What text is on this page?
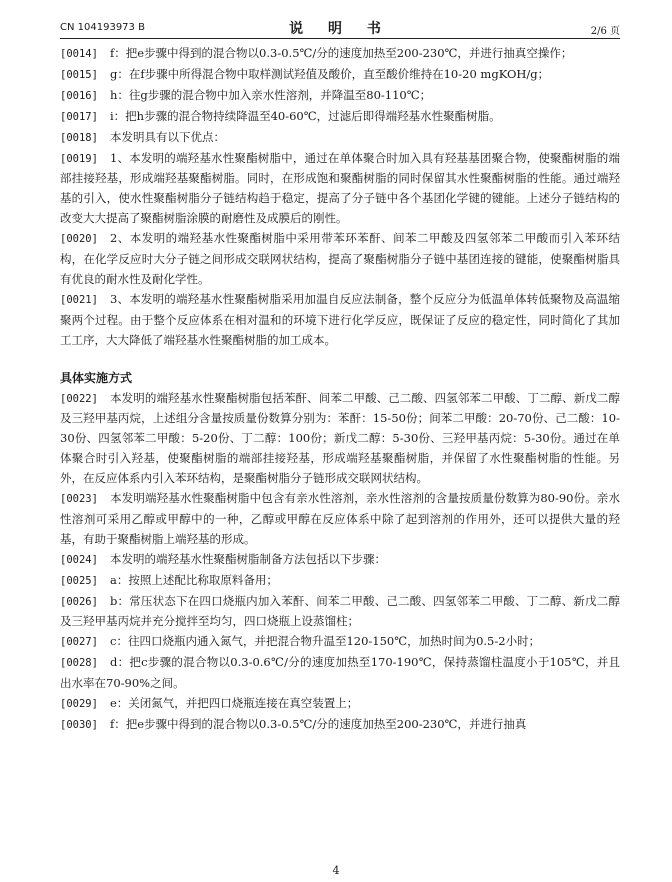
CN 104193973 B	说 明 书	2/6 页
[0014] f：把e步骤中得到的混合物以0.3-0.5℃/分的速度加热至200-230℃，并进行抽真空操作；
[0015] g：在f步骤中所得混合物中取样测试羟值及酸价，直至酸价维持在10-20 mgKOH/g；
[0016] h：往g步骤的混合物中加入亲水性溶剂，并降温至80-110℃；
[0017] i：把h步骤的混合物持续降温至40-60℃，过滤后即得端羟基水性聚酯树脂。
[0018] 本发明具有以下优点：
[0019] 1、本发明的端羟基水性聚酯树脂中，通过在单体聚合时加入具有羟基基团聚合物，使聚酯树脂的端部挂接羟基，形成端羟基聚酯树脂。同时，在形成饱和聚酯树脂的同时保留其水性聚酯树脂的性能。通过端羟基的引入，使水性聚酯树脂分子链结构趋于稳定，提高了分子链中各个基团化学键的键能。上述分子链结构的改变大大提高了聚酯树脂涂膜的耐磨性及成膜后的刚性。
[0020] 2、本发明的端羟基水性聚酯树脂中采用带苯环苯酐、间苯二甲酸及四氢邻苯二甲酸而引入苯环结构，在化学反应时大分子链之间形成交联网状结构，提高了聚酯树脂分子链中基团连接的键能，使聚酯树脂具有优良的耐水性及耐化学性。
[0021] 3、本发明的端羟基水性聚酯树脂采用加温自反应法制备，整个反应分为低温单体转低聚物及高温缩聚两个过程。由于整个反应体系在相对温和的环境下进行化学反应，既保证了反应的稳定性，同时简化了其加工工序，大大降低了端羟基水性聚酯树脂的加工成本。
具体实施方式
[0022] 本发明的端羟基水性聚酯树脂包括苯酐、间苯二甲酸、己二酸、四氢邻苯二甲酸、丁二醇、新戊二醇及三羟甲基丙烷，上述组分含量按质量份数算分别为：苯酐：15-50份；间苯二甲酸：20-70份、己二酸：10-30份、四氢邻苯二甲酸：5-20份、丁二醇：100份；新戊二醇：5-30份、三羟甲基丙烷：5-30份。通过在单体聚合时引入羟基，使聚酯树脂的端部挂接羟基，形成端羟基聚酯树脂，并保留了水性聚酯树脂的性能。另外，在反应体系内引入苯环结构，是聚酯树脂分子链形成交联网状结构。
[0023] 本发明端羟基水性聚酯树脂中包含有亲水性溶剂，亲水性溶剂的含量按质量份数算为80-90份。亲水性溶剂可采用乙醇或甲醇中的一种，乙醇或甲醇在反应体系中除了起到溶剂的作用外，还可以提供大量的羟基，有助于聚酯树脂上端羟基的形成。
[0024] 本发明的端羟基水性聚酯树脂制备方法包括以下步骤：
[0025] a：按照上述配比称取原料备用；
[0026] b：常压状态下在四口烧瓶内加入苯酐、间苯二甲酸、己二酸、四氢邻苯二甲酸、丁二醇、新戊二醇及三羟甲基丙烷并充分搅拌至均匀，四口烧瓶上设蒸馏柱；
[0027] c：往四口烧瓶内通入氮气，并把混合物升温至120-150℃，加热时间为0.5-2小时；
[0028] d：把c步骤的混合物以0.3-0.6℃/分的速度加热至170-190℃，保持蒸馏柱温度小于105℃，并且出水率在70-90%之间。
[0029] e：关闭氮气，并把四口烧瓶连接在真空装置上；
[0030] f：把e步骤中得到的混合物以0.3-0.5℃/分的速度加热至200-230℃，并进行抽真
4
